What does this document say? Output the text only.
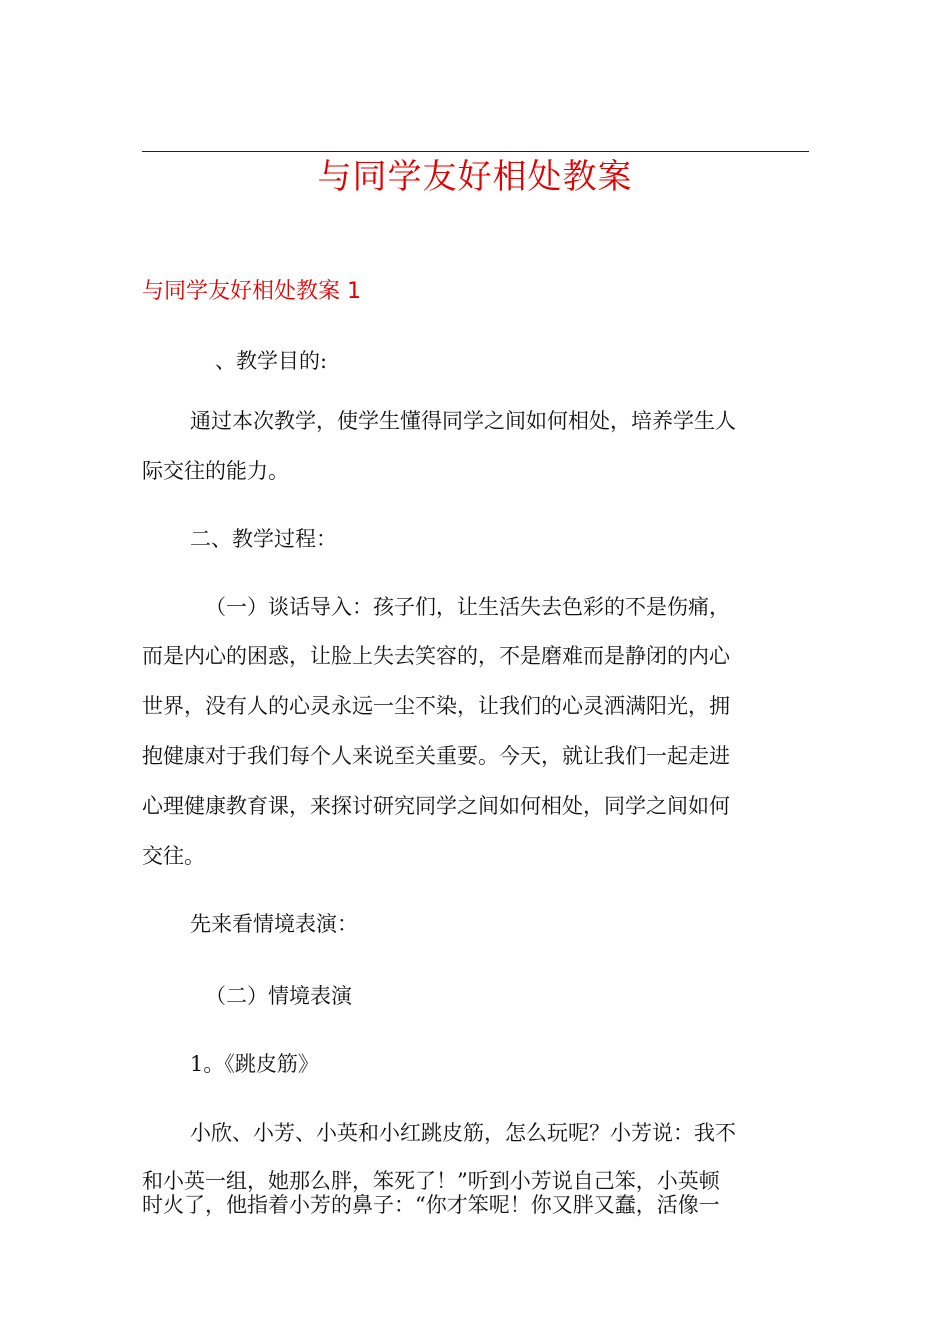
与同学友好相处教案
与同学友好相处教案 1
、教学目的:
通过本次教学，使学生懂得同学之间如何相处，培养学生人
际交往的能力。
二、教学过程：
（一）谈话导入：孩子们，让生活失去色彩的不是伤痛，
而是内心的困惑，让脸上失去笑容的，不是磨难而是静闭的内心
世界，没有人的心灵永远一尘不染，让我们的心灵洒满阳光，拥
抱健康对于我们每个人来说至关重要。今天，就让我们一起走进
心理健康教育课，来探讨研究同学之间如何相处，同学之间如何
交往。
先来看情境表演：
（二）情境表演
1。《跳皮筋》
小欣、小芳、小英和小红跳皮筋，怎么玩呢？小芳说：我不
和小英一组，她那么胖，笨死了！”听到小芳说自己笨，小英顿
时火了，他指着小芳的鼻子：“你才笨呢！你又胖又蠢，活像一
